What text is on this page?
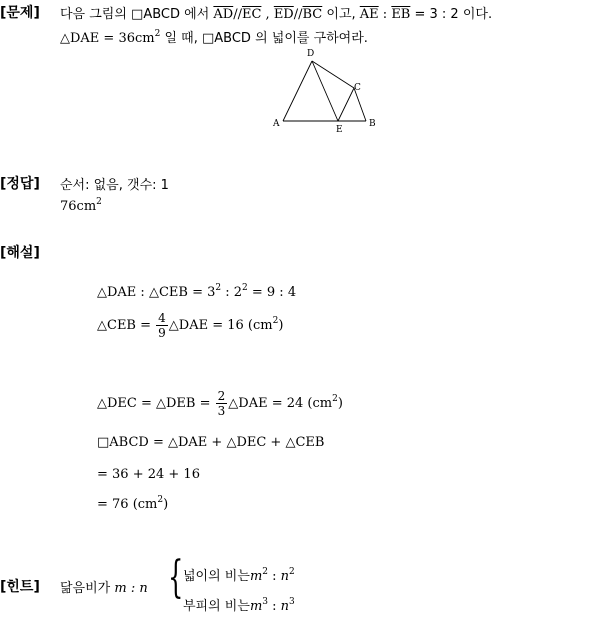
[문제] 다음 그림의 □ABCD 에서 $\overline{AD}//\overline{EC}$ , $\overline{ED}//\overline{BC}$ 이고, $\overline{AE}$ : $\overline{EB} = 3$ : 2 이다.
△DAE = $36cm^2$ 일 때, □ABCD 의 넓이를 구하여라.
A	B
C
D
E
[정답] 순서: 없음, 갯수: 1
$76cm^2$
[해설]
△DAE : △CEB = $3^2$ : $2^2 = 9$ : 4
△CEB = $\frac{4}{9}$ △DAE = 16 $(cm^2)$
△DEC = △DEB = $\frac{2}{3}$ △DAE = 24 $(cm^2)$
□ABCD = △DAE + △DEC + △CEB
= 36 + 24 + 16
= 76 $(cm^2)$
[힌트] 닮음비가 m : n { 넓이의 비는$m^2$ : $n^2$
부피의 비는$m^3$ : $n^3$
